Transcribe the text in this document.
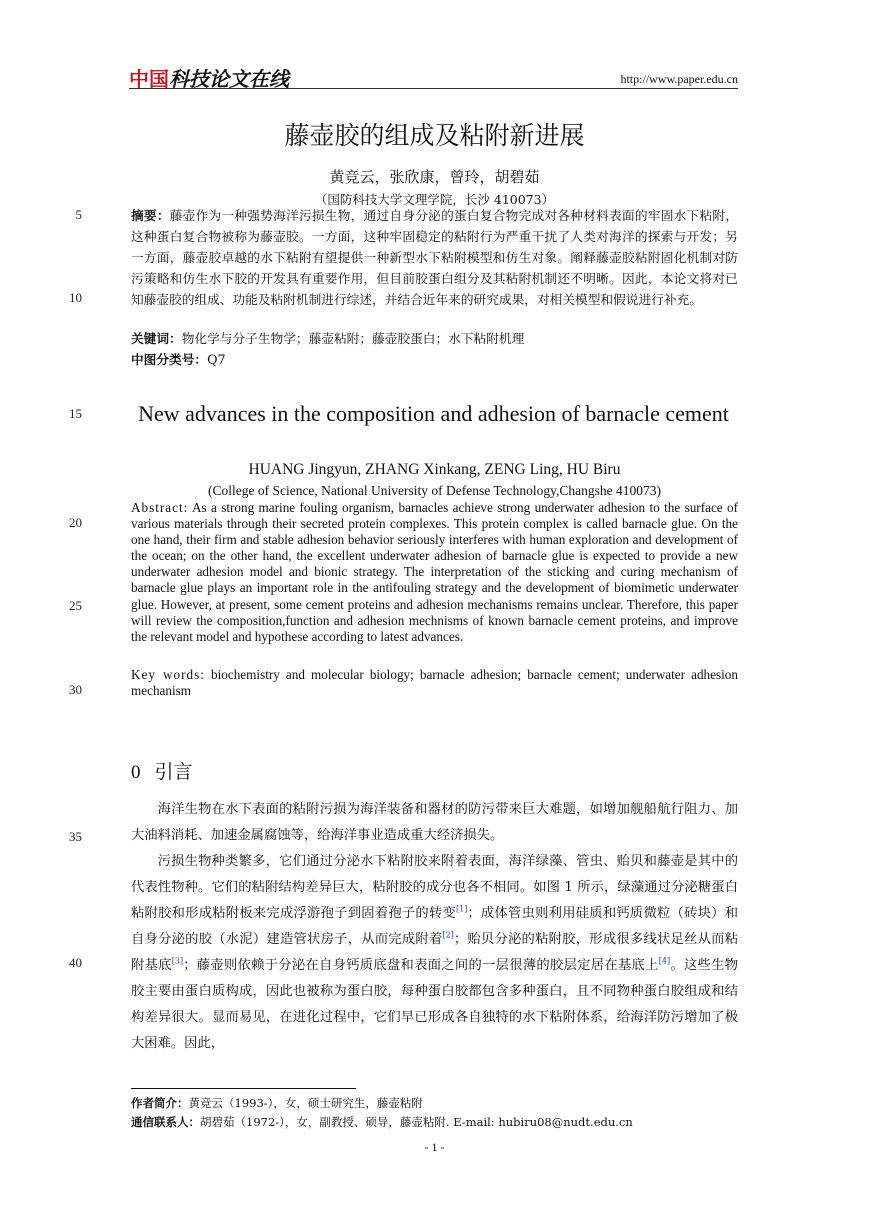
中国科技论文在线	http://www.paper.edu.cn
藤壶胶的组成及粘附新进展
黄竞云，张欣康，曾玲，胡碧茹
（国防科技大学文理学院，长沙 410073）
5
10
15
20
25
30
35
40
摘要：藤壶作为一种强势海洋污损生物，通过自身分泌的蛋白复合物完成对各种材料表面的牢固水下粘附，这种蛋白复合物被称为藤壶胶。一方面，这种牢固稳定的粘附行为严重干扰了人类对海洋的探索与开发；另一方面，藤壶胶卓越的水下粘附有望提供一种新型水下粘附模型和仿生对象。阐释藤壶胶粘附固化机制对防污策略和仿生水下胶的开发具有重要作用，但目前胶蛋白组分及其粘附机制还不明晰。因此，本论文将对已知藤壶胶的组成、功能及粘附机制进行综述，并结合近年来的研究成果，对相关模型和假说进行补充。
关键词：物化学与分子生物学；藤壶粘附；藤壶胶蛋白；水下粘附机理
中图分类号：Q7
New advances in the composition and adhesion of barnacle cement
HUANG Jingyun, ZHANG Xinkang, ZENG Ling, HU Biru
(College of Science, National University of Defense Technology,Changshe 410073)
Abstract: As a strong marine fouling organism, barnacles achieve strong underwater adhesion to the surface of various materials through their secreted protein complexes. This protein complex is called barnacle glue. On the one hand, their firm and stable adhesion behavior seriously interferes with human exploration and development of the ocean; on the other hand, the excellent underwater adhesion of barnacle glue is expected to provide a new underwater adhesion model and bionic strategy. The interpretation of the sticking and curing mechanism of barnacle glue plays an important role in the antifouling strategy and the development of biomimetic underwater glue. However, at present, some cement proteins and adhesion mechanisms remains unclear. Therefore, this paper will review the composition,function and adhesion mechnisms of known barnacle cement proteins, and improve the relevant model and hypothese according to latest advances.
Key words: biochemistry and molecular biology; barnacle adhesion; barnacle cement; underwater adhesion mechanism
0 引言

海洋生物在水下表面的粘附污损为海洋装备和器材的防污带来巨大难题，如增加舰船航行阻力、加大油料消耗、加速金属腐蚀等，给海洋事业造成重大经济损失。

污损生物种类繁多，它们通过分泌水下粘附胶来附着表面，海洋绿藻、管虫、贻贝和藤壶是其中的代表性物种。它们的粘附结构差异巨大，粘附胶的成分也各不相同。如图 1 所示，绿藻通过分泌糖蛋白粘附胶和形成粘附板来完成浮游孢子到固着孢子的转变[1]；成体管虫则利用硅质和钙质微粒（砖块）和自身分泌的胶（水泥）建造管状房子，从而完成附着[2]；贻贝分泌的粘附胶，形成很多线状足丝从而粘附基底[3]；藤壶则依赖于分泌在自身钙质底盘和表面之间的一层很薄的胶层定居在基底上[4]。这些生物胶主要由蛋白质构成，因此也被称为蛋白胶，每种蛋白胶都包含多种蛋白，且不同物种蛋白胶组成和结构差异很大。显而易见，在进化过程中，它们早已形成各自独特的水下粘附体系，给海洋防污增加了极大困难。因此，

作者简介：黄竞云（1993-），女，硕士研究生，藤壶粘附
通信联系人：胡碧茹（1972-），女，副教授、硕导，藤壶粘附. E-mail: hubiru08@nudt.edu.cn
- 1 -
